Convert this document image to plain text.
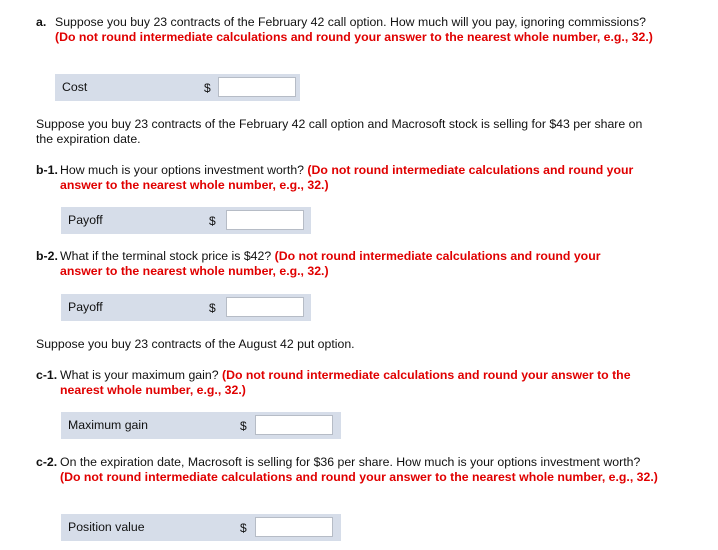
a. Suppose you buy 23 contracts of the February 42 call option. How much will you pay, ignoring commissions? (Do not round intermediate calculations and round your answer to the nearest whole number, e.g., 32.)
Cost	$
Suppose you buy 23 contracts of the February 42 call option and Macrosoft stock is selling for $43 per share on the expiration date.
b-1. How much is your options investment worth? (Do not round intermediate calculations and round your answer to the nearest whole number, e.g., 32.)
Payoff	$
b-2. What if the terminal stock price is $42? (Do not round intermediate calculations and round your answer to the nearest whole number, e.g., 32.)
Payoff	$
Suppose you buy 23 contracts of the August 42 put option.
c-1. What is your maximum gain? (Do not round intermediate calculations and round your answer to the nearest whole number, e.g., 32.)
Maximum gain	$
c-2. On the expiration date, Macrosoft is selling for $36 per share. How much is your options investment worth? (Do not round intermediate calculations and round your answer to the nearest whole number, e.g., 32.)
Position value	$
